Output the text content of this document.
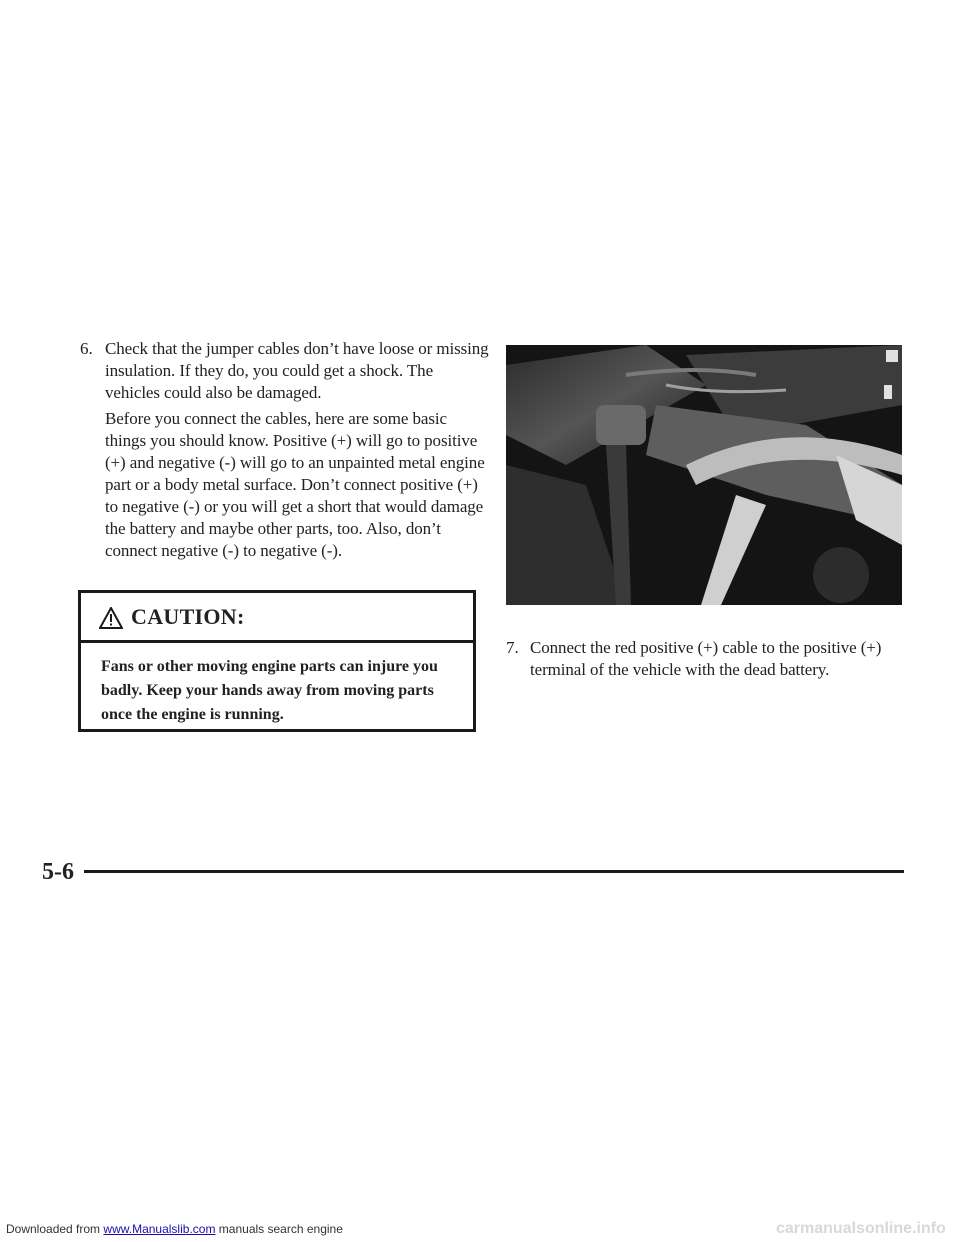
6. Check that the jumper cables don’t have loose or missing insulation. If they do, you could get a shock. The vehicles could also be damaged.
Before you connect the cables, here are some basic things you should know. Positive (+) will go to positive (+) and negative (-) will go to an unpainted metal engine part or a body metal surface. Don’t connect positive (+) to negative (-) or you will get a short that would damage the battery and maybe other parts, too. Also, don’t connect negative (-) to negative (-).
CAUTION:
Fans or other moving engine parts can injure you badly. Keep your hands away from moving parts once the engine is running.
7. Connect the red positive (+) cable to the positive (+) terminal of the vehicle with the dead battery.
5-6
Downloaded from www.Manualslib.com manuals search engine	carmanualsonline.info
